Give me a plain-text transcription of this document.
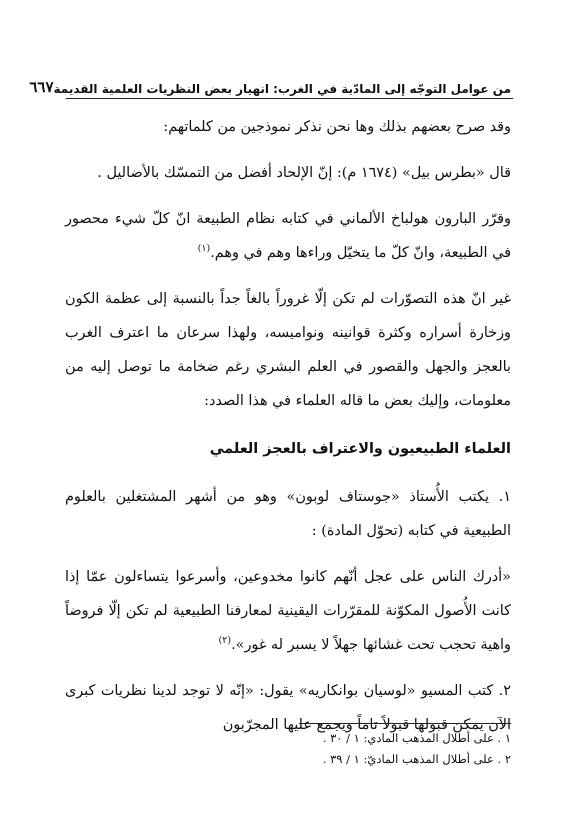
من عوامل التوجّه إلى المادّية في الغرب: انهيار بعض النظريات العلمية القديمة
٦٦٧

وقد صرح بعضهم بذلك وها نحن نذكر نموذجين من كلماتهم:

قال «بطرس بيل» (١٦٧٤ م): إنّ الإلحاد أفضل من التمسّك بالأضاليل .

وقرّر البارون هولباخ الألماني في كتابه نظام الطبيعة انّ كلّ شيء محصور في الطبيعة، وانّ كلّ ما يتخيّل وراءها وهم في وهم.$^{(١)}$

غير انّ هذه التصوّرات لم تكن إلّا غروراً بالغاً جداً بالنسبة إلى عظمة الكون وزخارة أسراره وكثرة قوانينه ونواميسه، ولهذا سرعان ما اعترف الغرب بالعجز والجهل والقصور في العلم البشري رغم ضخامة ما توصل إليه من معلومات، وإليك بعض ما قاله العلماء في هذا الصدد:

العلماء الطبيعيون والاعتراف بالعجز العلمي

١. يكتب الأُستاذ «جوستاف لوبون» وهو من أشهر المشتغلين بالعلوم الطبيعية في كتابه (تحوّل المادة) :

«أدرك الناس على عجل أنّهم كانوا مخدوعين، وأسرعوا يتساءلون عمّا إذا كانت الأُصول المكوّنة للمقرّرات اليقينية لمعارفنا الطبيعية لم تكن إلّا فروضاً واهية تحجب تحت غشائها جهلاً لا يسبر له غور».$^{(٢)}$

٢. كتب المسيو «لوسيان بوانكاريه» يقول: «إنّه لا توجد لدينا نظريات كبرى الآن يمكن قبولها قبولاً تاماً ويجمع عليها المجرّبون

١ . على أطلال المذهب المادي: ١ / ٣٠ .

٢ . على أطلال المذهب الماديّ: ١ / ٣٩ .
